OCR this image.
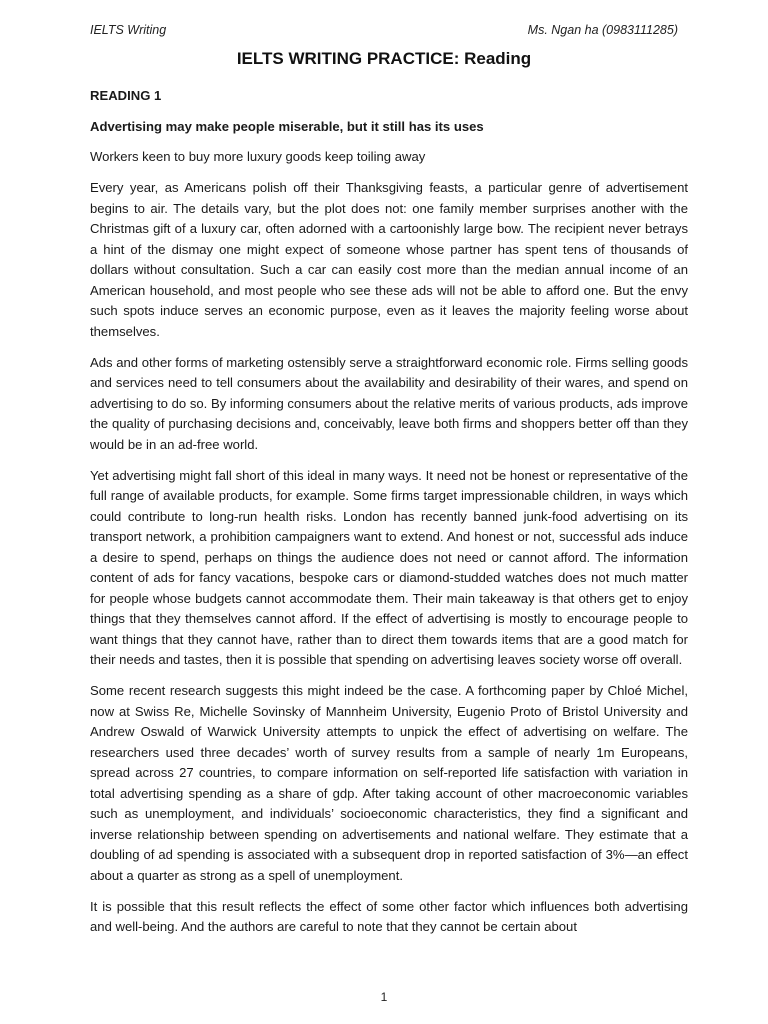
IELTS Writing	Ms. Ngan ha (0983111285)
IELTS WRITING PRACTICE: Reading

READING 1

Advertising may make people miserable, but it still has its uses

Workers keen to buy more luxury goods keep toiling away

Every year, as Americans polish off their Thanksgiving feasts, a particular genre of advertisement begins to air. The details vary, but the plot does not: one family member surprises another with the Christmas gift of a luxury car, often adorned with a cartoonishly large bow. The recipient never betrays a hint of the dismay one might expect of someone whose partner has spent tens of thousands of dollars without consultation. Such a car can easily cost more than the median annual income of an American household, and most people who see these ads will not be able to afford one. But the envy such spots induce serves an economic purpose, even as it leaves the majority feeling worse about themselves.

Ads and other forms of marketing ostensibly serve a straightforward economic role. Firms selling goods and services need to tell consumers about the availability and desirability of their wares, and spend on advertising to do so. By informing consumers about the relative merits of various products, ads improve the quality of purchasing decisions and, conceivably, leave both firms and shoppers better off than they would be in an ad-free world.

Yet advertising might fall short of this ideal in many ways. It need not be honest or representative of the full range of available products, for example. Some firms target impressionable children, in ways which could contribute to long-run health risks. London has recently banned junk-food advertising on its transport network, a prohibition campaigners want to extend. And honest or not, successful ads induce a desire to spend, perhaps on things the audience does not need or cannot afford. The information content of ads for fancy vacations, bespoke cars or diamond-studded watches does not much matter for people whose budgets cannot accommodate them. Their main takeaway is that others get to enjoy things that they themselves cannot afford. If the effect of advertising is mostly to encourage people to want things that they cannot have, rather than to direct them towards items that are a good match for their needs and tastes, then it is possible that spending on advertising leaves society worse off overall.

Some recent research suggests this might indeed be the case. A forthcoming paper by Chloé Michel, now at Swiss Re, Michelle Sovinsky of Mannheim University, Eugenio Proto of Bristol University and Andrew Oswald of Warwick University attempts to unpick the effect of advertising on welfare. The researchers used three decades’ worth of survey results from a sample of nearly 1m Europeans, spread across 27 countries, to compare information on self-reported life satisfaction with variation in total advertising spending as a share of gdp. After taking account of other macroeconomic variables such as unemployment, and individuals’ socioeconomic characteristics, they find a significant and inverse relationship between spending on advertisements and national welfare. They estimate that a doubling of ad spending is associated with a subsequent drop in reported satisfaction of 3%—an effect about a quarter as strong as a spell of unemployment.

It is possible that this result reflects the effect of some other factor which influences both advertising and well-being. And the authors are careful to note that they cannot be certain about

1
